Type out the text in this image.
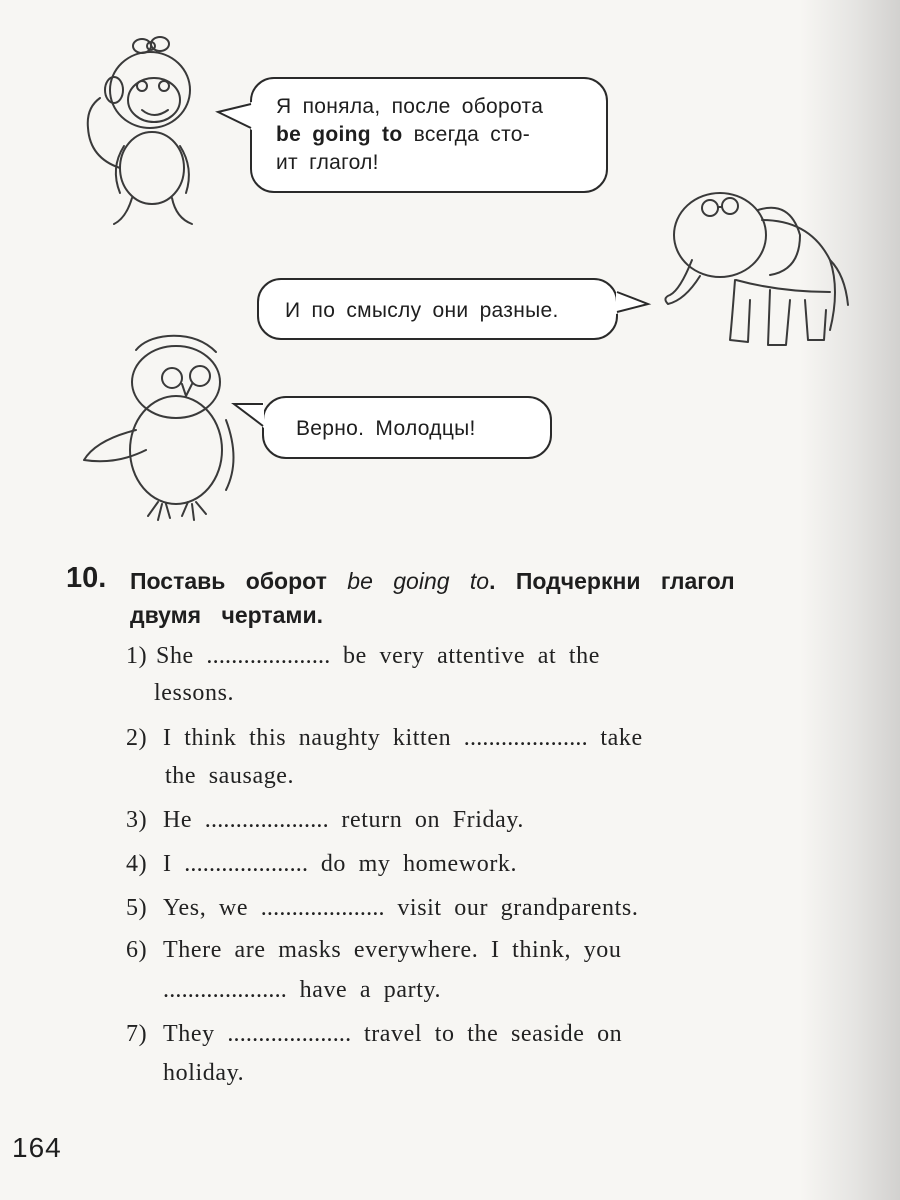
Я поняла, после оборота
be going to всегда сто-
ит глагол!
И по смыслу они разные.
Верно. Молодцы!
10. Поставь оборот be going to. Подчеркни глагол
двумя чертами.
1) She .................... be very attentive at the
lessons.
2) I think this naughty kitten .................... take
the sausage.
3) He .................... return on Friday.
4) I .................... do my homework.
5) Yes, we .................... visit our grandparents.
6) There are masks everywhere. I think, you
.................... have a party.
7) They .................... travel to the seaside on
holiday.
164
